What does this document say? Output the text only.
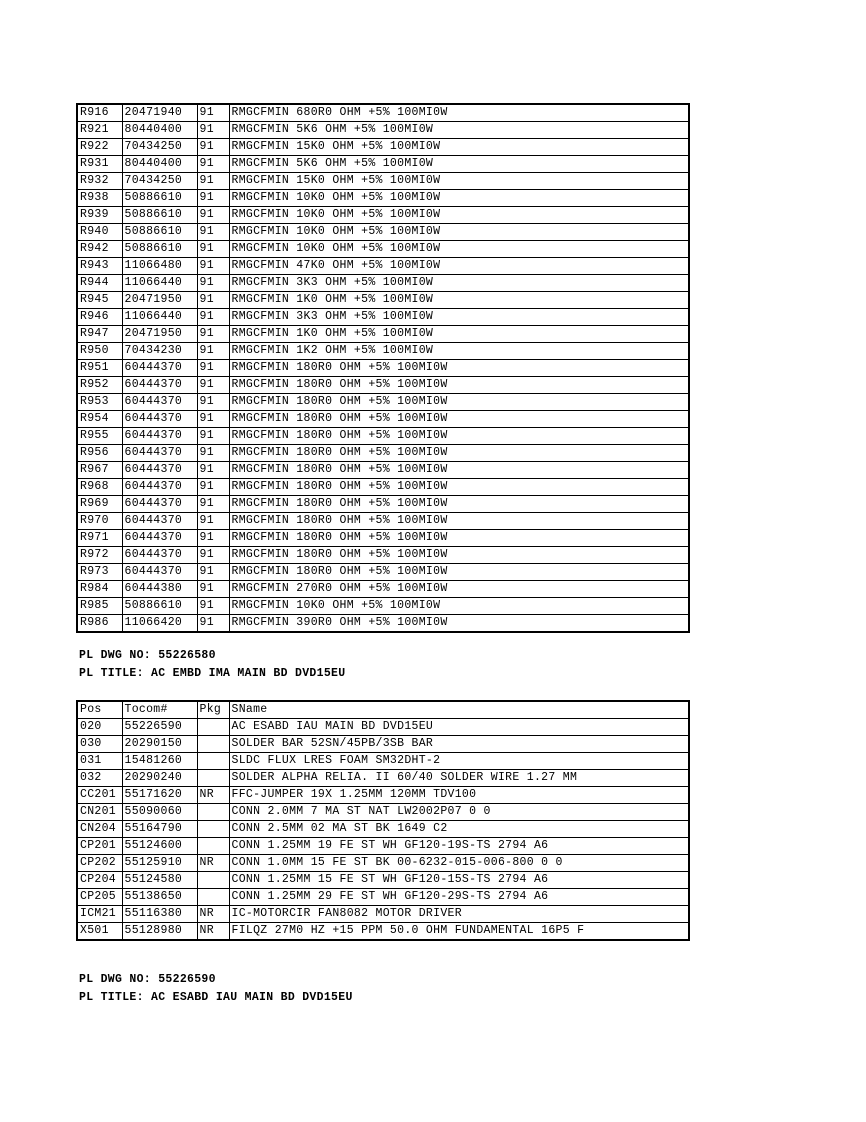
R916	20471940	91	RMGCFMIN 680R0 OHM +5% 100MI0W
R921	80440400	91	RMGCFMIN 5K6 OHM +5% 100MI0W
R922	70434250	91	RMGCFMIN 15K0 OHM +5% 100MI0W
R931	80440400	91	RMGCFMIN 5K6 OHM +5% 100MI0W
R932	70434250	91	RMGCFMIN 15K0 OHM +5% 100MI0W
R938	50886610	91	RMGCFMIN 10K0 OHM +5% 100MI0W
R939	50886610	91	RMGCFMIN 10K0 OHM +5% 100MI0W
R940	50886610	91	RMGCFMIN 10K0 OHM +5% 100MI0W
R942	50886610	91	RMGCFMIN 10K0 OHM +5% 100MI0W
R943	11066480	91	RMGCFMIN 47K0 OHM +5% 100MI0W
R944	11066440	91	RMGCFMIN 3K3 OHM +5% 100MI0W
R945	20471950	91	RMGCFMIN 1K0 OHM +5% 100MI0W
R946	11066440	91	RMGCFMIN 3K3 OHM +5% 100MI0W
R947	20471950	91	RMGCFMIN 1K0 OHM +5% 100MI0W
R950	70434230	91	RMGCFMIN 1K2 OHM +5% 100MI0W
R951	60444370	91	RMGCFMIN 180R0 OHM +5% 100MI0W
R952	60444370	91	RMGCFMIN 180R0 OHM +5% 100MI0W
R953	60444370	91	RMGCFMIN 180R0 OHM +5% 100MI0W
R954	60444370	91	RMGCFMIN 180R0 OHM +5% 100MI0W
R955	60444370	91	RMGCFMIN 180R0 OHM +5% 100MI0W
R956	60444370	91	RMGCFMIN 180R0 OHM +5% 100MI0W
R967	60444370	91	RMGCFMIN 180R0 OHM +5% 100MI0W
R968	60444370	91	RMGCFMIN 180R0 OHM +5% 100MI0W
R969	60444370	91	RMGCFMIN 180R0 OHM +5% 100MI0W
R970	60444370	91	RMGCFMIN 180R0 OHM +5% 100MI0W
R971	60444370	91	RMGCFMIN 180R0 OHM +5% 100MI0W
R972	60444370	91	RMGCFMIN 180R0 OHM +5% 100MI0W
R973	60444370	91	RMGCFMIN 180R0 OHM +5% 100MI0W
R984	60444380	91	RMGCFMIN 270R0 OHM +5% 100MI0W
R985	50886610	91	RMGCFMIN 10K0 OHM +5% 100MI0W
R986	11066420	91	RMGCFMIN 390R0 OHM +5% 100MI0W
PL DWG NO: 55226580
PL TITLE: AC EMBD IMA MAIN BD DVD15EU
Pos	Tocom#	Pkg	SName
020	55226590		AC ESABD IAU MAIN BD DVD15EU
030	20290150		SOLDER BAR 52SN/45PB/3SB BAR
031	15481260		SLDC FLUX LRES FOAM SM32DHT-2
032	20290240		SOLDER ALPHA RELIA. II 60/40 SOLDER WIRE 1.27 MM
CC201	55171620	NR	FFC-JUMPER 19X 1.25MM 120MM TDV100
CN201	55090060		CONN 2.0MM 7 MA ST NAT LW2002P07 0 0
CN204	55164790		CONN 2.5MM 02 MA ST BK 1649 C2
CP201	55124600		CONN 1.25MM 19 FE ST WH GF120-19S-TS 2794 A6
CP202	55125910	NR	CONN 1.0MM 15 FE ST BK 00-6232-015-006-800 0 0
CP204	55124580		CONN 1.25MM 15 FE ST WH GF120-15S-TS 2794 A6
CP205	55138650		CONN 1.25MM 29 FE ST WH GF120-29S-TS 2794 A6
ICM21	55116380	NR	IC-MOTORCIR FAN8082 MOTOR DRIVER
X501	55128980	NR	FILQZ 27M0 HZ +15 PPM 50.0 OHM FUNDAMENTAL 16P5 F
PL DWG NO: 55226590
PL TITLE: AC ESABD IAU MAIN BD DVD15EU
